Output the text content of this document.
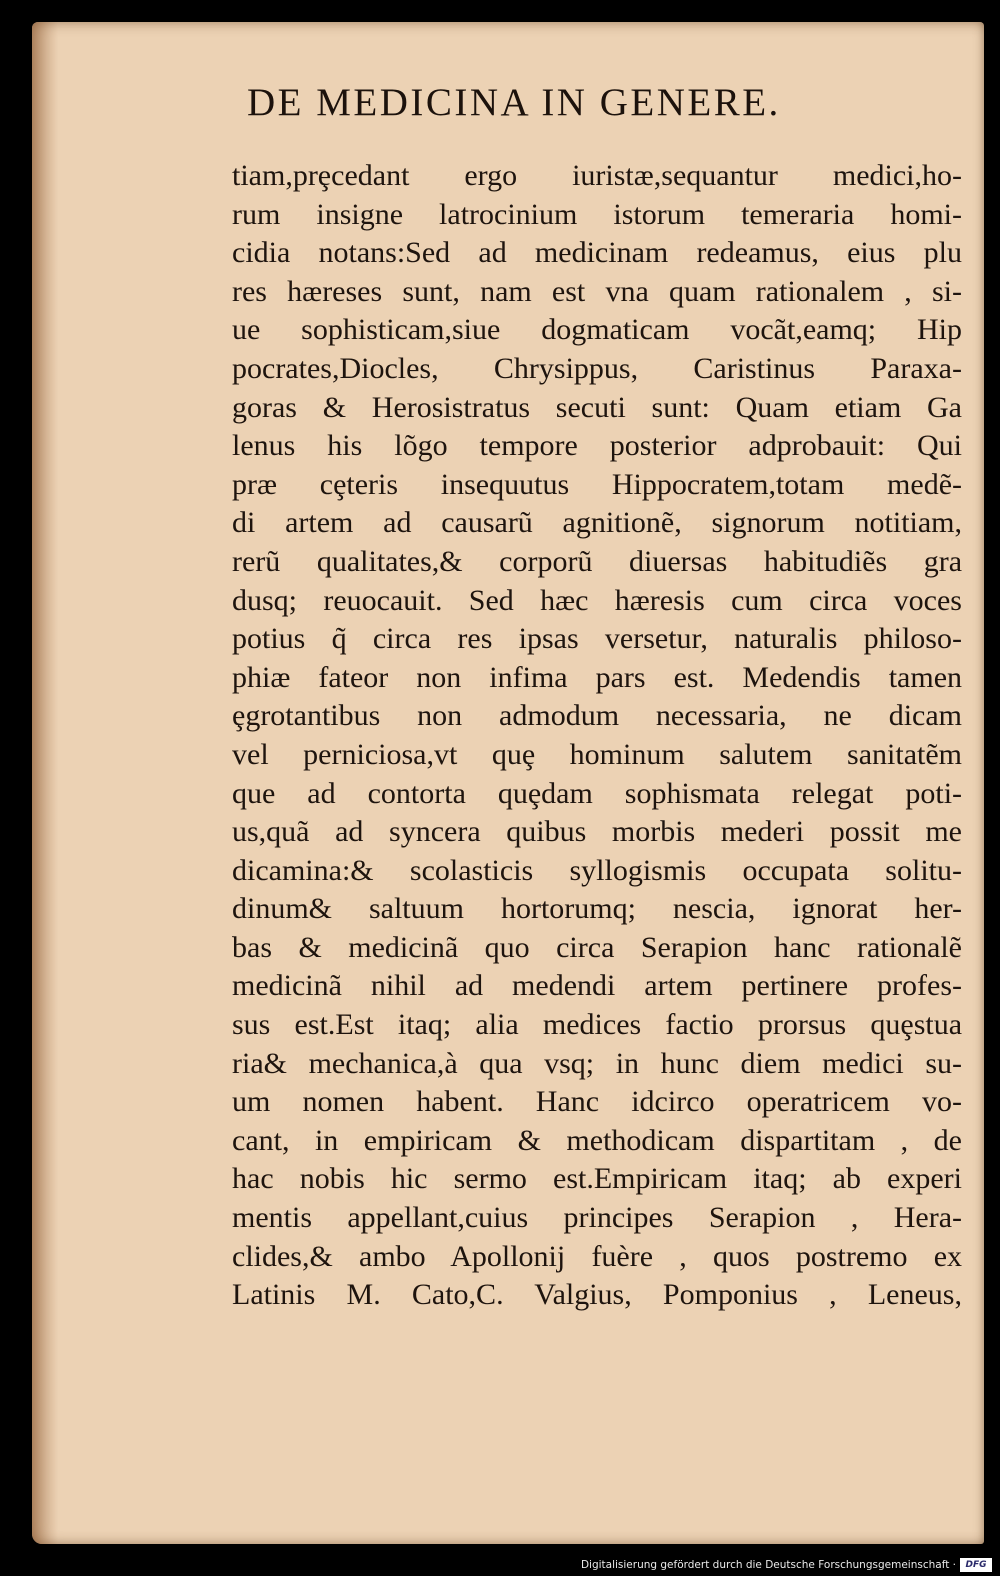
DE MEDICINA IN GENERE.
tiam,prȩcedant ergo iuristæ,sequantur medici,ho-
rum insigne latrocinium istorum temeraria homi-
cidia notans:Sed ad medicinam redeamus, eius plu
res hæreses sunt, nam est vna quam rationalem , si-
ue sophisticam,siue dogmaticam vocãt,eamq; Hip
pocrates,Diocles, Chrysippus, Caristinus Paraxa-
goras & Herosistratus secuti sunt: Quam etiam Ga
lenus his lõgo tempore posterior adprobauit: Qui
præ cȩteris insequutus Hippocratem,totam medẽ-
di artem ad causarũ agnitionẽ, signorum notitiam,
rerũ qualitates,& corporũ diuersas habitudiẽs gra
dusq; reuocauit. Sed hæc hæresis cum circa voces
potius q̃ circa res ipsas versetur, naturalis philoso-
phiæ fateor non infima pars est. Medendis tamen
ȩgrotantibus non admodum necessaria, ne dicam
vel perniciosa,vt quȩ hominum salutem sanitatẽm
que ad contorta quȩdam sophismata relegat poti-
us,quã ad syncera quibus morbis mederi possit me
dicamina:& scolasticis syllogismis occupata solitu-
dinum& saltuum hortorumq; nescia, ignorat her-
bas & medicinã quo circa Serapion hanc rationalẽ
medicinã nihil ad medendi artem pertinere profes-
sus est.Est itaq; alia medices factio prorsus quȩstua
ria& mechanica,à qua vsq; in hunc diem medici su-
um nomen habent. Hanc idcirco operatricem vo-
cant, in empiricam & methodicam dispartitam , de
hac nobis hic sermo est.Empiricam itaq; ab experi
mentis appellant,cuius principes Serapion , Hera-
clides,& ambo Apollonij fuère , quos postremo ex
Latinis M. Cato,C. Valgius, Pomponius , Leneus,
Digitalisierung gefördert durch die Deutsche Forschungsgemeinschaft ·	DFG
